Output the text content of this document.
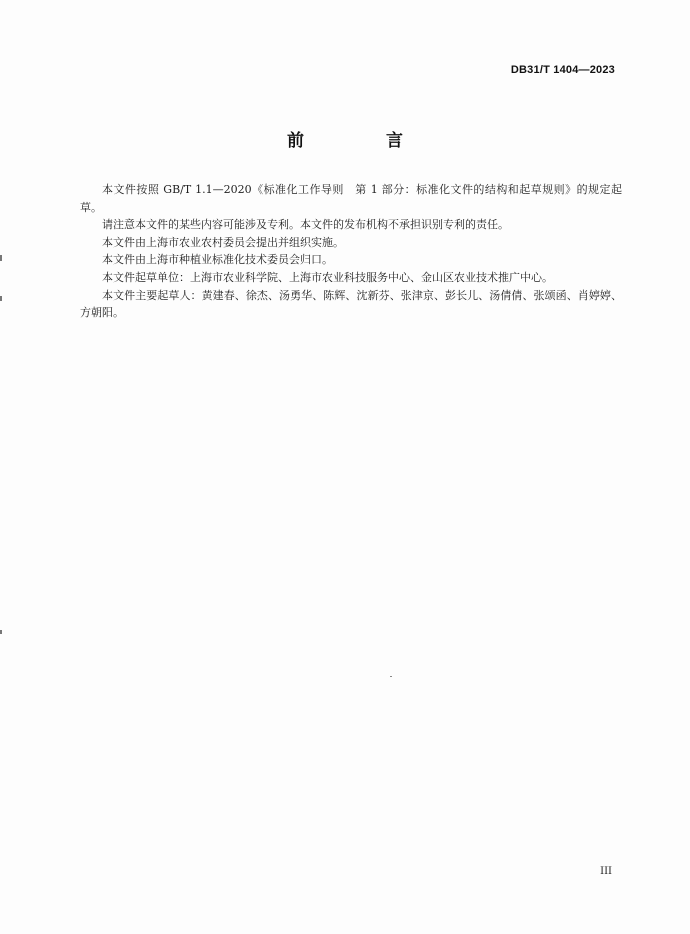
DB31/T 1404—2023
前 言

本文件按照 GB/T 1.1—2020《标准化工作导则　第 1 部分：标准化文件的结构和起草规则》的规定起草。

请注意本文件的某些内容可能涉及专利。本文件的发布机构不承担识别专利的责任。

本文件由上海市农业农村委员会提出并组织实施。

本文件由上海市种植业标准化技术委员会归口。

本文件起草单位：上海市农业科学院、上海市农业科技服务中心、金山区农业技术推广中心。

本文件主要起草人：黄建春、徐杰、汤勇华、陈辉、沈新芬、张津京、彭长儿、汤倩倩、张颂函、肖婷婷、方朝阳。

III
